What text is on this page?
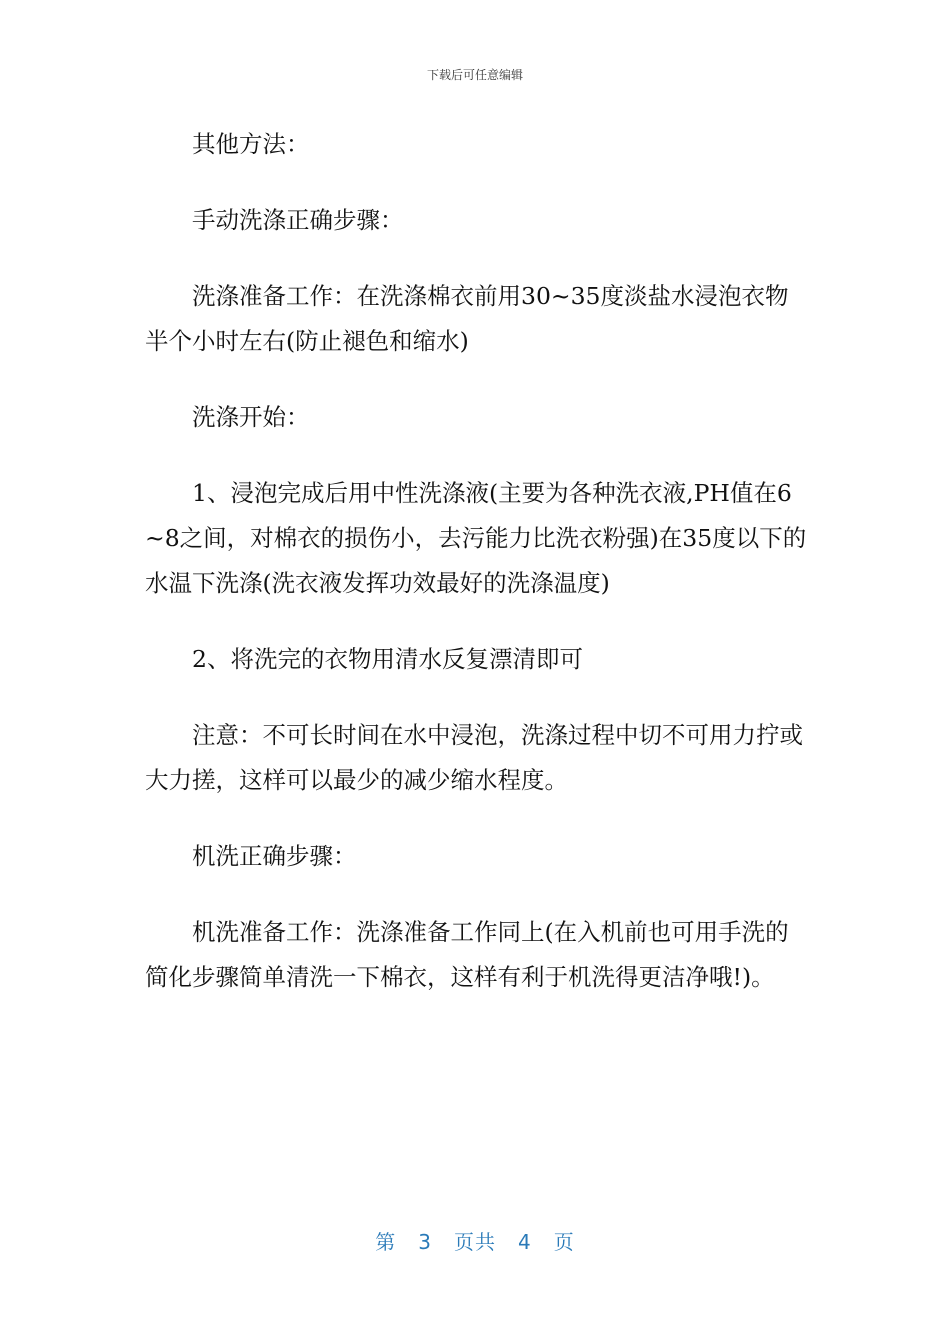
下载后可任意编辑

其他方法：

手动洗涤正确步骤：

洗涤准备工作：在洗涤棉衣前用30~35度淡盐水浸泡衣物半个小时左右(防止褪色和缩水)

洗涤开始：

1、浸泡完成后用中性洗涤液(主要为各种洗衣液,PH值在6~8之间，对棉衣的损伤小，去污能力比洗衣粉强)在35度以下的水温下洗涤(洗衣液发挥功效最好的洗涤温度)

2、将洗完的衣物用清水反复漂清即可

注意：不可长时间在水中浸泡，洗涤过程中切不可用力拧或大力搓，这样可以最少的减少缩水程度。

机洗正确步骤：

机洗准备工作：洗涤准备工作同上(在入机前也可用手洗的简化步骤简单清洗一下棉衣，这样有利于机洗得更洁净哦!)。

第 3 页共 4 页
